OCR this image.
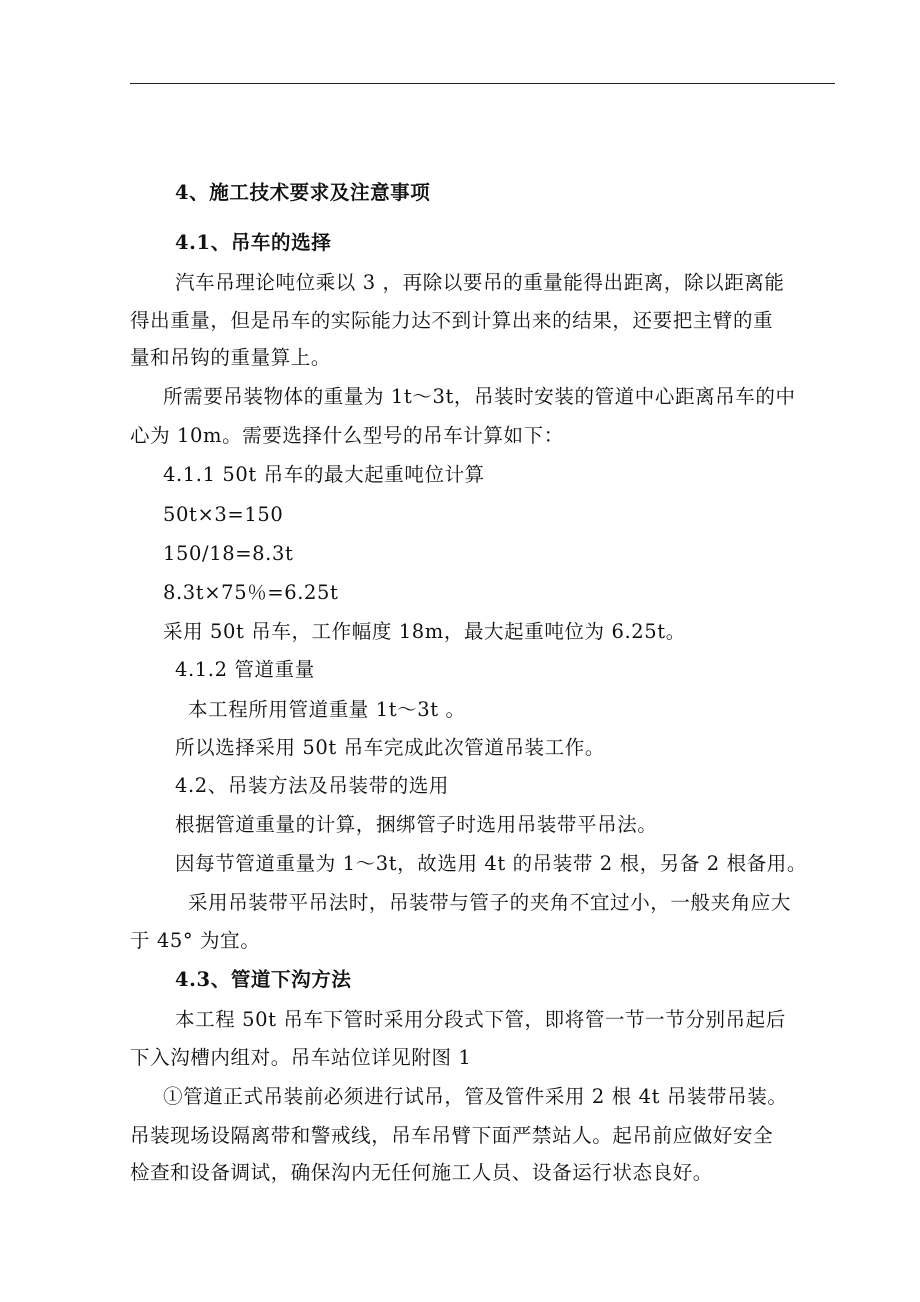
4、施工技术要求及注意事项
4.1、吊车的选择
汽车吊理论吨位乘以 3 ，再除以要吊的重量能得出距离，除以距离能
得出重量，但是吊车的实际能力达不到计算出来的结果，还要把主臂的重
量和吊钩的重量算上。
所需要吊装物体的重量为 1t～3t，吊装时安装的管道中心距离吊车的中
心为 10m。需要选择什么型号的吊车计算如下：
4.1.1 50t 吊车的最大起重吨位计算
50t×3=150
150/18=8.3t
8.3t×75％=6.25t
采用 50t 吊车，工作幅度 18m，最大起重吨位为 6.25t。
4.1.2 管道重量
本工程所用管道重量 1t～3t 。
所以选择采用 50t 吊车完成此次管道吊装工作。
4.2、吊装方法及吊装带的选用
根据管道重量的计算，捆绑管子时选用吊装带平吊法。
因每节管道重量为 1～3t，故选用 4t 的吊装带 2 根，另备 2 根备用。
采用吊装带平吊法时，吊装带与管子的夹角不宜过小，一般夹角应大
于 45° 为宜。
4.3、管道下沟方法
本工程 50t 吊车下管时采用分段式下管，即将管一节一节分别吊起后
下入沟槽内组对。吊车站位详见附图 1
①管道正式吊装前必须进行试吊，管及管件采用 2 根 4t 吊装带吊装。
吊装现场设隔离带和警戒线，吊车吊臂下面严禁站人。起吊前应做好安全
检查和设备调试，确保沟内无任何施工人员、设备运行状态良好。
